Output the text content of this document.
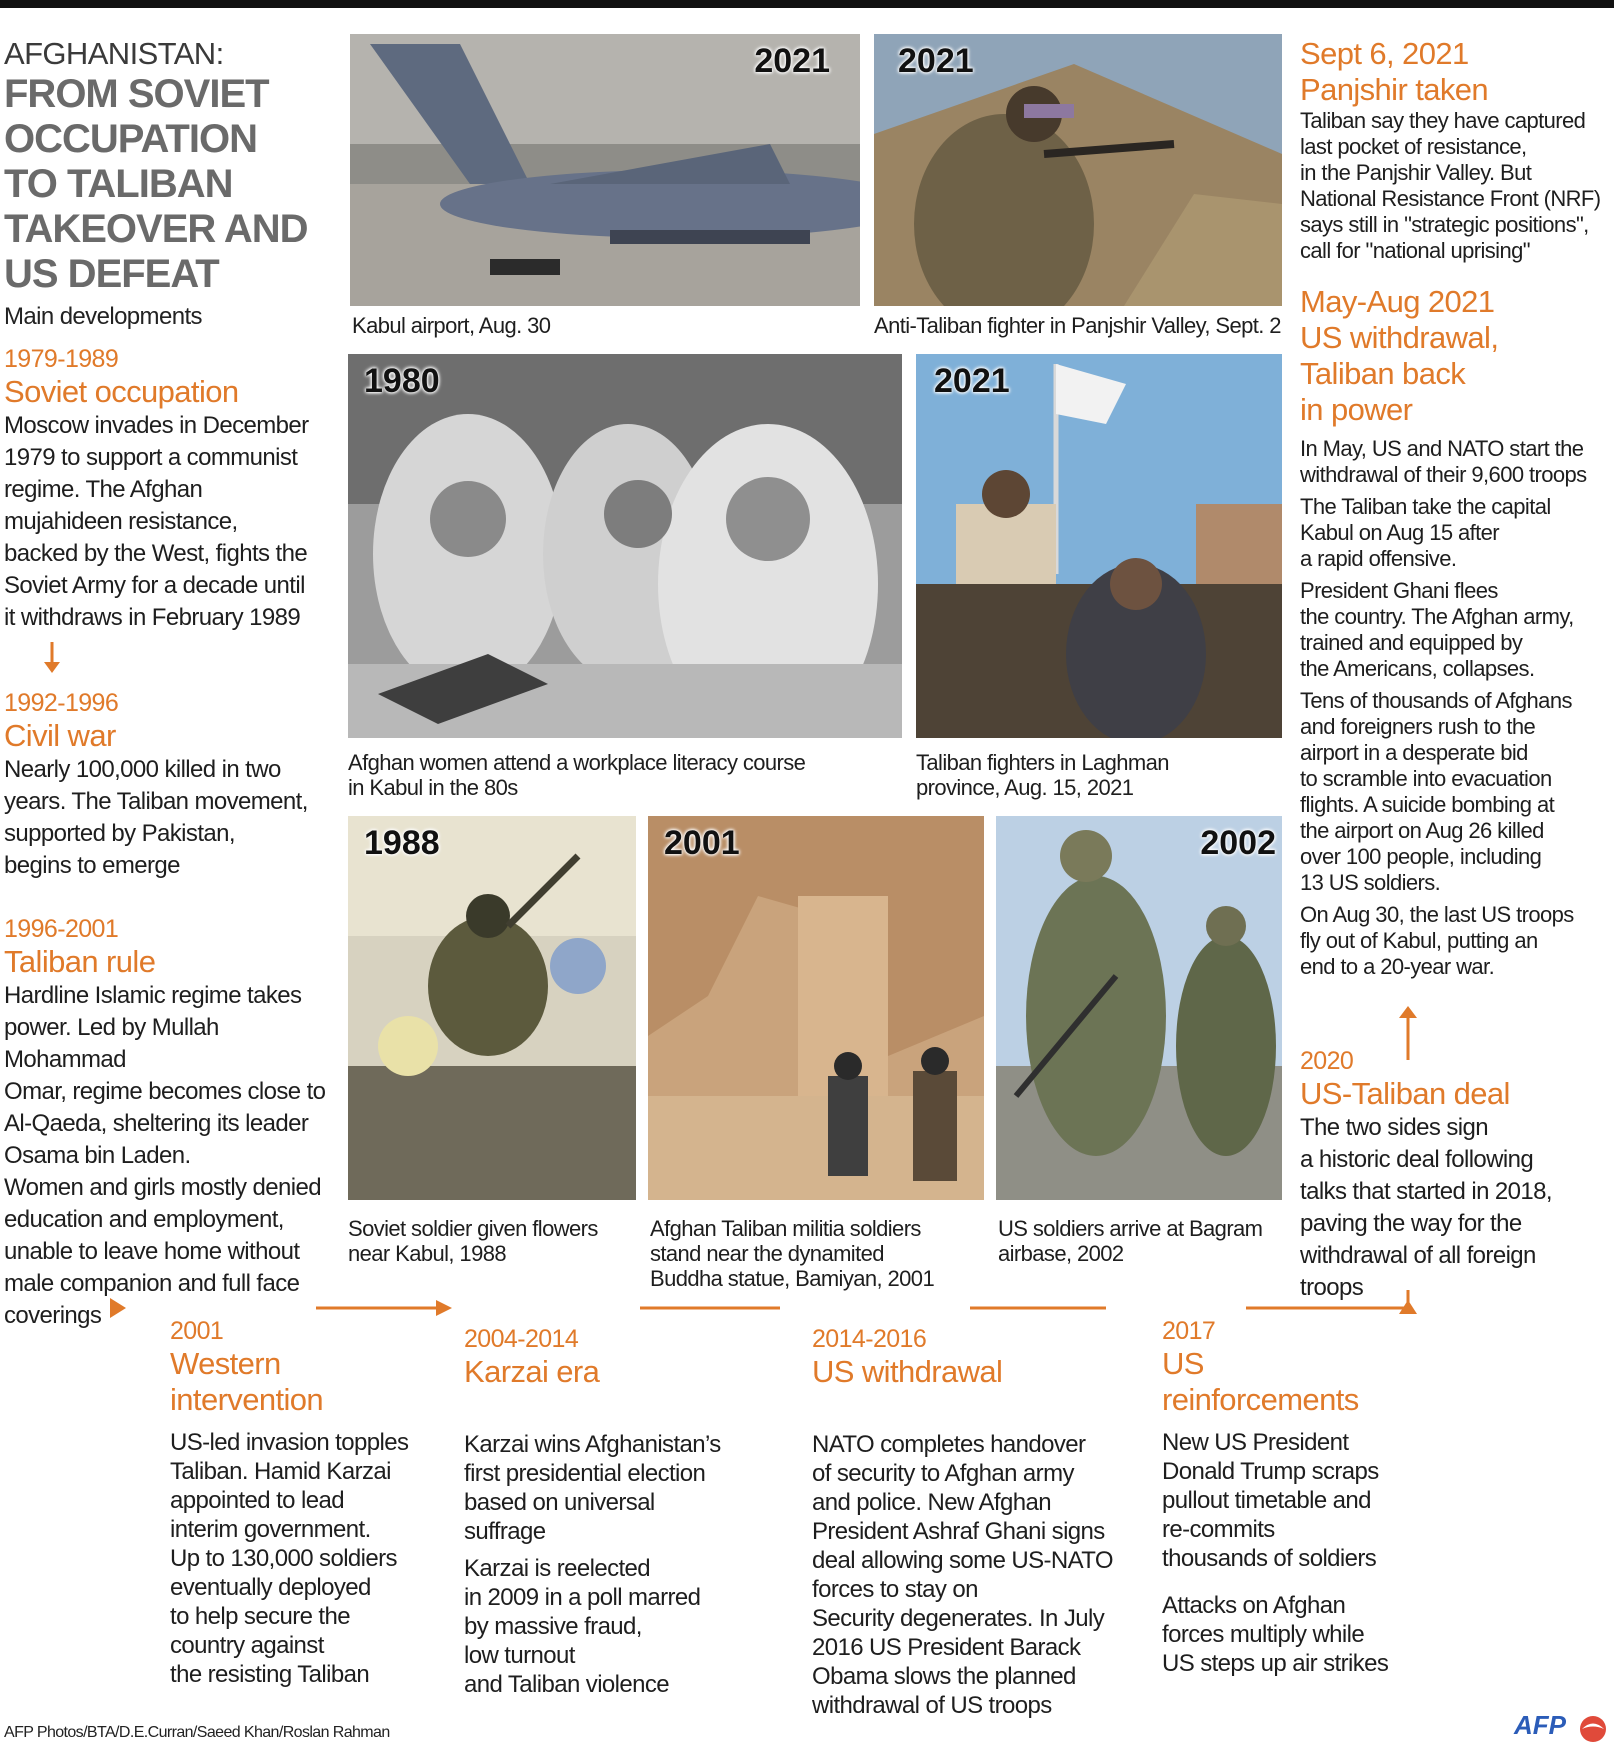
AFGHANISTAN:
FROM SOVIET
OCCUPATION
TO TALIBAN
TAKEOVER AND
US DEFEAT
Main developments
1979-1989
Soviet occupation
Moscow invades in December
1979 to support a communist
regime. The Afghan
mujahideen resistance,
backed by the West, fights the
Soviet Army for a decade until
it withdraws in February 1989
1992-1996
Civil war
Nearly 100,000 killed in two
years. The Taliban movement,
supported by Pakistan,
begins to emerge
1996-2001
Taliban rule
Hardline Islamic regime takes
power. Led by Mullah Mohammad
Omar, regime becomes close to
Al-Qaeda, sheltering its leader
Osama bin Laden.
Women and girls mostly denied
education and employment,
unable to leave home without
male companion and full face
coverings
2021
Kabul airport, Aug. 30
2021
Anti-Taliban fighter in Panjshir Valley, Sept. 2
1980
Afghan women attend a workplace literacy course
in Kabul in the 80s
2021
Taliban fighters in Laghman
province, Aug. 15, 2021
1988
Soviet soldier given flowers
near Kabul, 1988
2001
Afghan Taliban militia soldiers
stand near the dynamited
Buddha statue, Bamiyan, 2001
2002
US soldiers arrive at Bagram
airbase, 2002
Sept 6, 2021
Panjshir taken
Taliban say they have captured
last pocket of resistance,
in the Panjshir Valley. But
National Resistance Front (NRF)
says still in "strategic positions",
call for "national uprising"
May-Aug 2021
US withdrawal,
Taliban back
in power
In May, US and NATO start the
withdrawal of their 9,600 troops
The Taliban take the capital
Kabul on Aug 15 after
a rapid offensive.
President Ghani flees
the country. The Afghan army,
trained and equipped by
the Americans, collapses.
Tens of thousands of Afghans
and foreigners rush to the
airport in a desperate bid
to scramble into evacuation
flights. A suicide bombing at
the airport on Aug 26 killed
over 100 people, including
13 US soldiers.
On Aug 30, the last US troops
fly out of Kabul, putting an
end to a 20-year war.
2020
US-Taliban deal
The two sides sign
a historic deal following
talks that started in 2018,
paving the way for the
withdrawal of all foreign
troops
2001
Western
intervention
US-led invasion topples
Taliban. Hamid Karzai
appointed to lead
interim government.
Up to 130,000 soldiers
eventually deployed
to help secure the
country against
the resisting Taliban
2004-2014
Karzai era
Karzai wins Afghanistan’s
first presidential election
based on universal
suffrage
Karzai is reelected
in 2009 in a poll marred
by massive fraud,
low turnout
and Taliban violence
2014-2016
US withdrawal
NATO completes handover
of security to Afghan army
and police. New Afghan
President Ashraf Ghani signs
deal allowing some US-NATO
forces to stay on
Security degenerates. In July
2016 US President Barack
Obama slows the planned
withdrawal of US troops
2017
US
reinforcements
New US President
Donald Trump scraps
pullout timetable and
re-commits
thousands of soldiers
Attacks on Afghan
forces multiply while
US steps up air strikes
AFP Photos/BTA/D.E.Curran/Saeed Khan/Roslan Rahman	AFP
